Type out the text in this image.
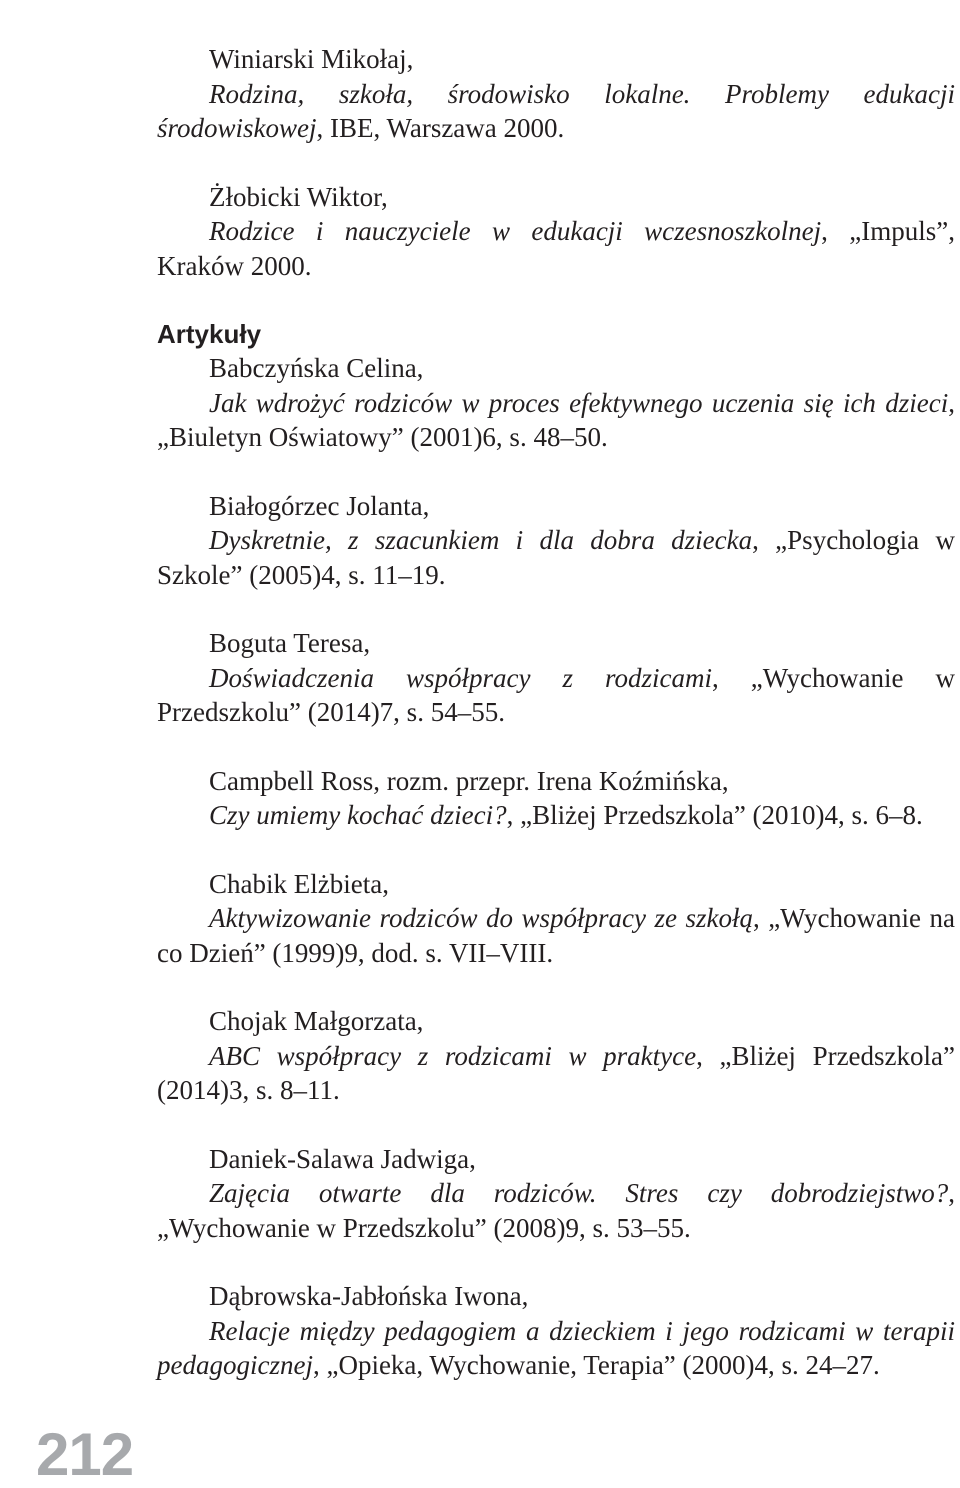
Winiarski Mikołaj,
Rodzina, szkoła, środowisko lokalne. Problemy edukacji środowiskowej, IBE, Warszawa 2000.
Żłobicki Wiktor,
Rodzice i nauczyciele w edukacji wczesnoszkolnej, „Impuls”, Kraków 2000.
Artykuły
Babczyńska Celina,
Jak wdrożyć rodziców w proces efektywnego uczenia się ich dzieci, „Biuletyn Oświatowy” (2001)6, s. 48–50.
Białogórzec Jolanta,
Dyskretnie, z szacunkiem i dla dobra dziecka, „Psychologia w Szkole” (2005)4, s. 11–19.
Boguta Teresa,
Doświadczenia współpracy z rodzicami, „Wychowanie w Przedszkolu” (2014)7, s. 54–55.
Campbell Ross, rozm. przepr. Irena Koźmińska,
Czy umiemy kochać dzieci?, „Bliżej Przedszkola” (2010)4, s. 6–8.
Chabik Elżbieta,
Aktywizowanie rodziców do współpracy ze szkołą, „Wychowanie na co Dzień” (1999)9, dod. s. VII–VIII.
Chojak Małgorzata,
ABC współpracy z rodzicami w praktyce, „Bliżej Przedszkola” (2014)3, s. 8–11.
Daniek-Salawa Jadwiga,
Zajęcia otwarte dla rodziców. Stres czy dobrodziejstwo?, „Wychowanie w Przedszkolu” (2008)9, s. 53–55.
Dąbrowska-Jabłońska Iwona,
Relacje między pedagogiem a dzieckiem i jego rodzicami w terapii pedagogicznej, „Opieka, Wychowanie, Terapia” (2000)4, s. 24–27.
212
